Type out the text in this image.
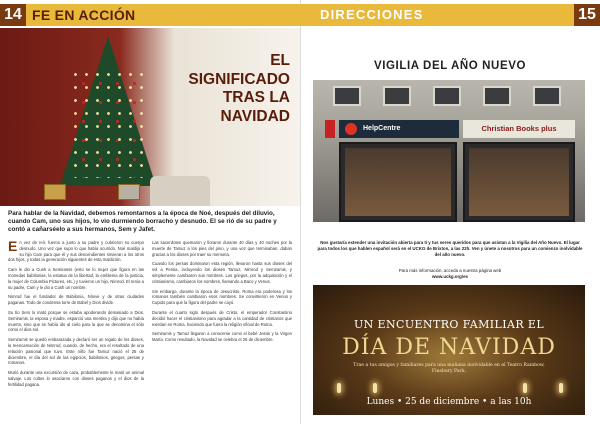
14 FE EN ACCIÓN
EL
SIGNIFICADO
TRAS LA
NAVIDAD
Para hablar de la Navidad, debemos remontarnos a la época de Noé, después del diluvio, cuando Cam, uno sus hijos, lo vio durmiendo borracho y desnudo. El se rió de su padre y contó a cañarséelo a sus hermanos, Sem y Jafet.

En vez de reír, fueron a junto a su padre y cubrieron su cuerpo desnudo. Uno vez que supo lo que había ocurrido, Noé maldijo a su hijo Cam para que él y sus descendientes sirvieran a los otros dos hijos, y todas la generación siguientes de esta maldición.

Cam le dio a Cush a Semiramis (esto se lo mujer que figura en las monedas babilonias, la estatua de la libertad, la emblema de la justicia, la mujer de Columbia Pictures, etc.) y tuvieron un hijo, Nimrod. El tenía a su padre, Cam y le dio a Cush un nombre.

Nimrod fue el fundador de Babilonia, Nínive y de otras ciudades paganas. Todo de condensa torre de Babel y Dios divide.

Su tío Sem lo mató porque se estaba apoderando demasiado a Dios. Semiramis, la esposa y madre, esparció una mentira y dijo que no había muerto, sino que se había ido al cielo para la que se denomina el sólo como el dios sol.

Semiramis se quedó embarazada y declaró ser un regalo de los dioses, la reencarnación de Nimrod, cuando, de hecho, era el resultado de una relación pasional que tuvo. Este niño fue Tamuz nació el 25 de diciembre, el día del sol de las egipcios, babilonios, griegos, persas y romanos.

Murió durante una excursión de caza, probablemente le mató un animal salvaje. Los cultos lo asociaron con dioses paganos y el dios de la fertilidad pagana.

Las sacerdotes quemaron y lloraron durante 40 días y 40 noches por la muerte de Tamuz a los pies del pino, y una vez que terminaban, daban gracias a los dioses por traer su memoria.

Cuando los persas dominaron esta región, llevaron hasta sus dioses del sol a Persia, incluyendo los dioses Tamuz, Nimrod y Semiramis, y simplemente cambiaron sus nombres. Los griegos, por la adquisición y el cristianismo, cambiaron los nombres, llamando a Baco y Venus.

Sin embargo, durante la época de Jesucristo, Roma era poderosa y los romanos también cambiaron esos nombres. Se convirtieron en Venus y Cupido para que la figura del padre se cayó.

Durante el cuarto siglo después de Cristo, el emperador Constantino decidió hacer el cristianismo para agradar a la cantidad de cristianos que existían en Roma, haciendo que fuera la religión oficial de Roma.

Semiramis y Tamuz llegaron a conocerse como el bebé Jesús y la Virgen María. Como resultado, la Navidad se celebra el 25 de diciembre.

DIRECCIONES	15
VIGILIA DEL AÑO NUEVO
HelpCentre	Christian Books plus
Nos gustaría extender una invitación abierta para tí y tus seres queridos para que asistan a la Vigilia del Año Nuevo. El lugar para todos los que hablen español será en el UCKG de Brixton, a las 22h. Ven y únete a nosotros para un comienzo inolvidable del año nuevo.
Para más información, acceda a nuestra página web
www.uckg.org/es
UN ENCUENTRO FAMILIAR EL
DÍA DE NAVIDAD
Trae a tus amigos y familiares para una mañana inolvidable en el Teatro Rainbow, Finsbury Park.
Lunes • 25 de diciembre • a las 10h
